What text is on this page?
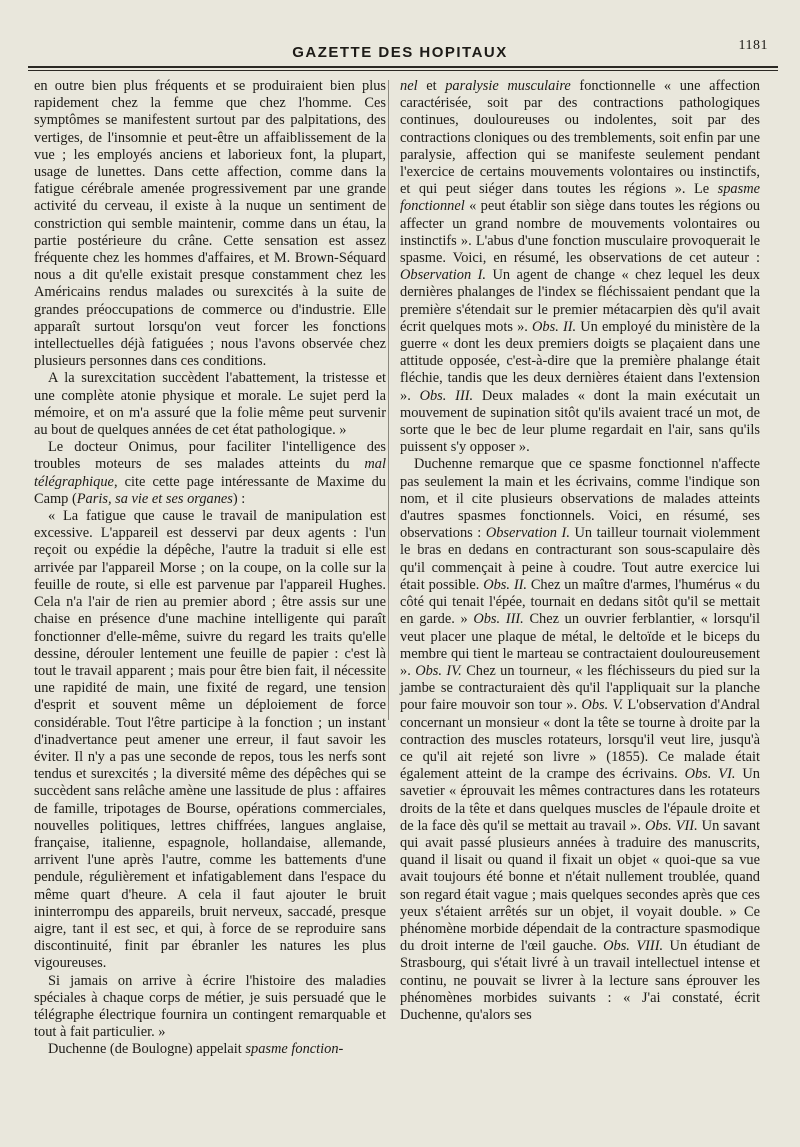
GAZETTE DES HOPITAUX	1181

en outre bien plus fréquents et se produiraient bien plus rapidement chez la femme que chez l'homme. Ces symptômes se manifestent surtout par des palpitations, des vertiges, de l'insomnie et peut-être un affaiblissement de la vue ; les employés anciens et laborieux font, la plupart, usage de lunettes. Dans cette affection, comme dans la fatigue cérébrale amenée progressivement par une grande activité du cerveau, il existe à la nuque un sentiment de constriction qui semble maintenir, comme dans un étau, la partie postérieure du crâne. Cette sensation est assez fréquente chez les hommes d'affaires, et M. Brown-Séquard nous a dit qu'elle existait presque constamment chez les Américains rendus malades ou surexcités à la suite de grandes préoccupations de commerce ou d'industrie. Elle apparaît surtout lorsqu'on veut forcer les fonctions intellectuelles déjà fatiguées ; nous l'avons observée chez plusieurs personnes dans ces conditions.

A la surexcitation succèdent l'abattement, la tristesse et une complète atonie physique et morale. Le sujet perd la mémoire, et on m'a assuré que la folie même peut survenir au bout de quelques années de cet état pathologique. »

Le docteur Onimus, pour faciliter l'intelligence des troubles moteurs de ses malades atteints du mal télégraphique, cite cette page intéressante de Maxime du Camp (Paris, sa vie et ses organes) :

« La fatigue que cause le travail de manipulation est excessive. L'appareil est desservi par deux agents : l'un reçoit ou expédie la dépêche, l'autre la traduit si elle est arrivée par l'appareil Morse ; on la coupe, on la colle sur la feuille de route, si elle est parvenue par l'appareil Hughes. Cela n'a l'air de rien au premier abord ; être assis sur une chaise en présence d'une machine intelligente qui paraît fonctionner d'elle-même, suivre du regard les traits qu'elle dessine, dérouler lentement une feuille de papier : c'est là tout le travail apparent ; mais pour être bien fait, il nécessite une rapidité de main, une fixité de regard, une tension d'esprit et souvent même un déploiement de force considérable. Tout l'être participe à la fonction ; un instant d'inadvertance peut amener une erreur, il faut savoir les éviter. Il n'y a pas une seconde de repos, tous les nerfs sont tendus et surexcités ; la diversité même des dépêches qui se succèdent sans relâche amène une lassitude de plus : affaires de famille, tripotages de Bourse, opérations commerciales, nouvelles politiques, lettres chiffrées, langues anglaise, française, italienne, espagnole, hollandaise, allemande, arrivent l'une après l'autre, comme les battements d'une pendule, régulièrement et infatigablement dans l'espace du même quart d'heure. A cela il faut ajouter le bruit ininterrompu des appareils, bruit nerveux, saccadé, presque aigre, tant il est sec, et qui, à force de se reproduire sans discontinuité, finit par ébranler les natures les plus vigoureuses.

Si jamais on arrive à écrire l'histoire des maladies spéciales à chaque corps de métier, je suis persuadé que le télégraphe électrique fournira un contingent remarquable et tout à fait particulier. »

Duchenne (de Boulogne) appelait spasme fonction-

nel et paralysie musculaire fonctionnelle « une affection caractérisée, soit par des contractions pathologiques continues, douloureuses ou indolentes, soit par des contractions cloniques ou des tremblements, soit enfin par une paralysie, affection qui se manifeste seulement pendant l'exercice de certains mouvements volontaires ou instinctifs, et qui peut siéger dans toutes les régions ». Le spasme fonctionnel « peut établir son siège dans toutes les régions ou affecter un grand nombre de mouvements volontaires ou instinctifs ». L'abus d'une fonction musculaire provoquerait le spasme. Voici, en résumé, les observations de cet auteur : Observation I. Un agent de change « chez lequel les deux dernières phalanges de l'index se fléchissaient pendant que la première s'étendait sur le premier métacarpien dès qu'il avait écrit quelques mots ». Obs. II. Un employé du ministère de la guerre « dont les deux premiers doigts se plaçaient dans une attitude opposée, c'est-à-dire que la première phalange était fléchie, tandis que les deux dernières étaient dans l'extension ». Obs. III. Deux malades « dont la main exécutait un mouvement de supination sitôt qu'ils avaient tracé un mot, de sorte que le bec de leur plume regardait en l'air, sans qu'ils puissent s'y opposer ».

Duchenne remarque que ce spasme fonctionnel n'affecte pas seulement la main et les écrivains, comme l'indique son nom, et il cite plusieurs observations de malades atteints d'autres spasmes fonctionnels. Voici, en résumé, ses observations : Observation I. Un tailleur tournait violemment le bras en dedans en contracturant son sous-scapulaire dès qu'il commençait à peine à coudre. Tout autre exercice lui était possible. Obs. II. Chez un maître d'armes, l'humérus « du côté qui tenait l'épée, tournait en dedans sitôt qu'il se mettait en garde. » Obs. III. Chez un ouvrier ferblantier, « lorsqu'il veut placer une plaque de métal, le deltoïde et le biceps du membre qui tient le marteau se contractaient douloureusement ». Obs. IV. Chez un tourneur, « les fléchisseurs du pied sur la jambe se contracturaient dès qu'il l'appliquait sur la planche pour faire mouvoir son tour ». Obs. V. L'observation d'Andral concernant un monsieur « dont la tête se tourne à droite par la contraction des muscles rotateurs, lorsqu'il veut lire, jusqu'à ce qu'il ait rejeté son livre » (1855). Ce malade était également atteint de la crampe des écrivains. Obs. VI. Un savetier « éprouvait les mêmes contractures dans les rotateurs droits de la tête et dans quelques muscles de l'épaule droite et de la face dès qu'il se mettait au travail ». Obs. VII. Un savant qui avait passé plusieurs années à traduire des manuscrits, quand il lisait ou quand il fixait un objet « quoi-que sa vue avait toujours été bonne et n'était nullement troublée, quand son regard était vague ; mais quelques secondes après que ces yeux s'étaient arrêtés sur un objet, il voyait double. » Ce phénomène morbide dépendait de la contracture spasmodique du droit interne de l'œil gauche. Obs. VIII. Un étudiant de Strasbourg, qui s'était livré à un travail intellectuel intense et continu, ne pouvait se livrer à la lecture sans éprouver les phénomènes morbides suivants : « J'ai constaté, écrit Duchenne, qu'alors ses
